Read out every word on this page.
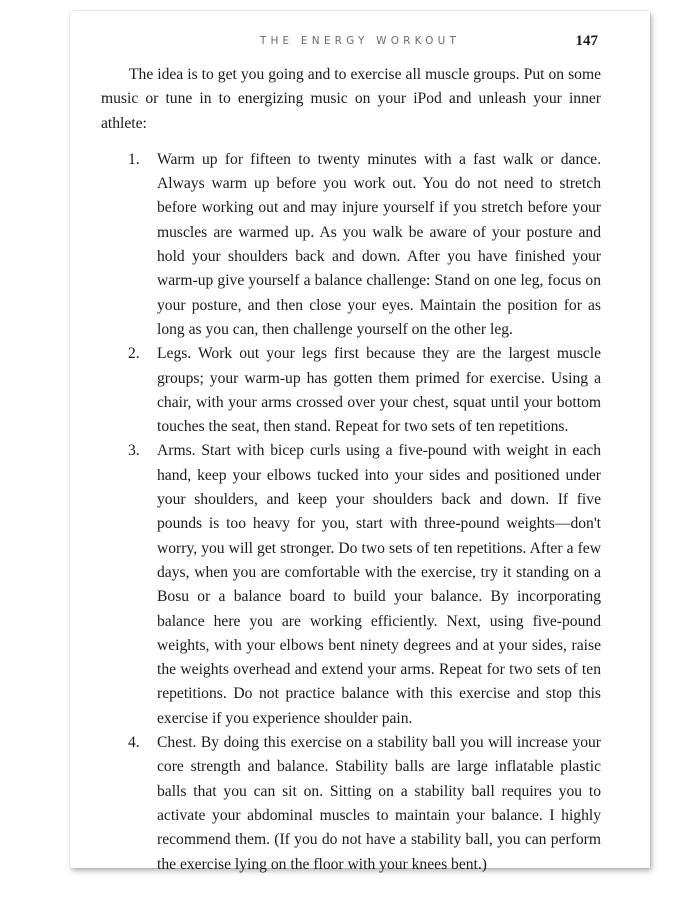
THE ENERGY WORKOUT	147

The idea is to get you going and to exercise all muscle groups. Put on some music or tune in to energizing music on your iPod and unleash your inner athlete:

1. Warm up for fifteen to twenty minutes with a fast walk or dance. Always warm up before you work out. You do not need to stretch before working out and may injure yourself if you stretch before your muscles are warmed up. As you walk be aware of your posture and hold your shoulders back and down. After you have finished your warm-up give yourself a balance challenge: Stand on one leg, focus on your posture, and then close your eyes. Maintain the position for as long as you can, then challenge yourself on the other leg.
2. Legs. Work out your legs first because they are the largest muscle groups; your warm-up has gotten them primed for exercise. Using a chair, with your arms crossed over your chest, squat until your bottom touches the seat, then stand. Repeat for two sets of ten repetitions.
3. Arms. Start with bicep curls using a five-pound with weight in each hand, keep your elbows tucked into your sides and positioned under your shoulders, and keep your shoulders back and down. If five pounds is too heavy for you, start with three-pound weights—don't worry, you will get stronger. Do two sets of ten repetitions. After a few days, when you are comfortable with the exercise, try it standing on a Bosu or a balance board to build your balance. By incorporating balance here you are working efficiently. Next, using five-pound weights, with your elbows bent ninety degrees and at your sides, raise the weights overhead and extend your arms. Repeat for two sets of ten repetitions. Do not practice balance with this exercise and stop this exercise if you experience shoulder pain.
4. Chest. By doing this exercise on a stability ball you will increase your core strength and balance. Stability balls are large inflatable plastic balls that you can sit on. Sitting on a stability ball requires you to activate your abdominal muscles to maintain your balance. I highly recommend them. (If you do not have a stability ball, you can perform the exercise lying on the floor with your knees bent.)
